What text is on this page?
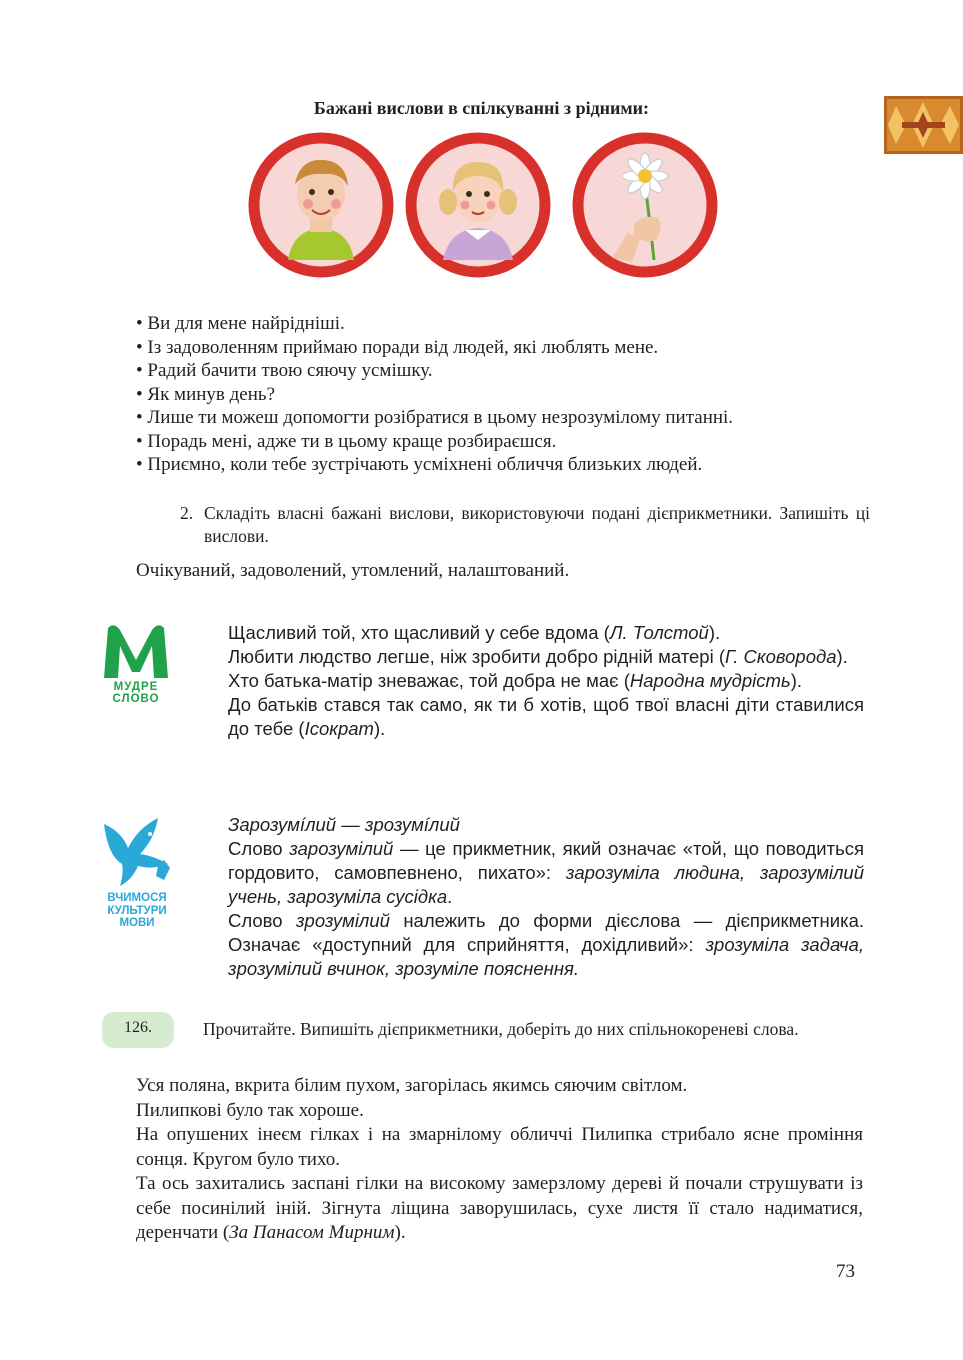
Бажані вислови в спілкуванні з рідними:
• Ви для мене найрідніші.
• Із задоволенням приймаю поради від людей, які люблять мене.
• Радий бачити твою сяючу усмішку.
• Як минув день?
• Лише ти можеш допомогти розібратися в цьому незрозумілому питанні.
• Порадь мені, адже ти в цьому краще розбираєшся.
• Приємно, коли тебе зустрічають усміхнені обличчя близьких людей.
2. Складіть власні бажані вислови, використовуючи подані дієприкметники. Запишіть ці вислови.
Очікуваний, задоволений, утомлений, налаштований.
МУДРЕ
СЛОВО

Щасливий той, хто щасливий у себе вдома (Л. Толстой).

Любити людство легше, ніж зробити добро рідній матері (Г. Сковорода).

Хто батька-матір зневажає, той добра не має (Народна мудрість).

До батьків стався так само, як ти б хотів, щоб твої власні діти ставилися до тебе (Ісократ).

ВЧИМОСЯ
КУЛЬТУРИ
МОВИ

Зарозумíлий — зрозумíлий

Слово зарозумілий — це прикметник, який означає «той, що поводиться гордовито, самовпевнено, пихато»: зарозуміла людина, зарозумілий учень, зарозуміла сусідка.

Слово зрозумілий належить до форми дієслова — дієприкметника. Означає «доступний для сприйняття, дохідливий»: зрозуміла задача, зрозумілий вчинок, зрозуміле пояснення.

126.	Прочитайте. Випишіть дієприкметники, доберіть до них спільнокореневі слова.

Уся поляна, вкрита білим пухом, загорілась якимсь сяючим світлом.

Пилипкові було так хороше.

На опушених інеєм гілках і на змарнілому обличчі Пилипка стрибало ясне проміння сонця. Кругом було тихо.

Та ось захитались заспані гілки на високому замерзлому дереві й почали струшувати із себе посинілий іній. Зігнута ліщина заворушилась, сухе листя її стало надиматися, деренчати (За Панасом Мирним).

73
